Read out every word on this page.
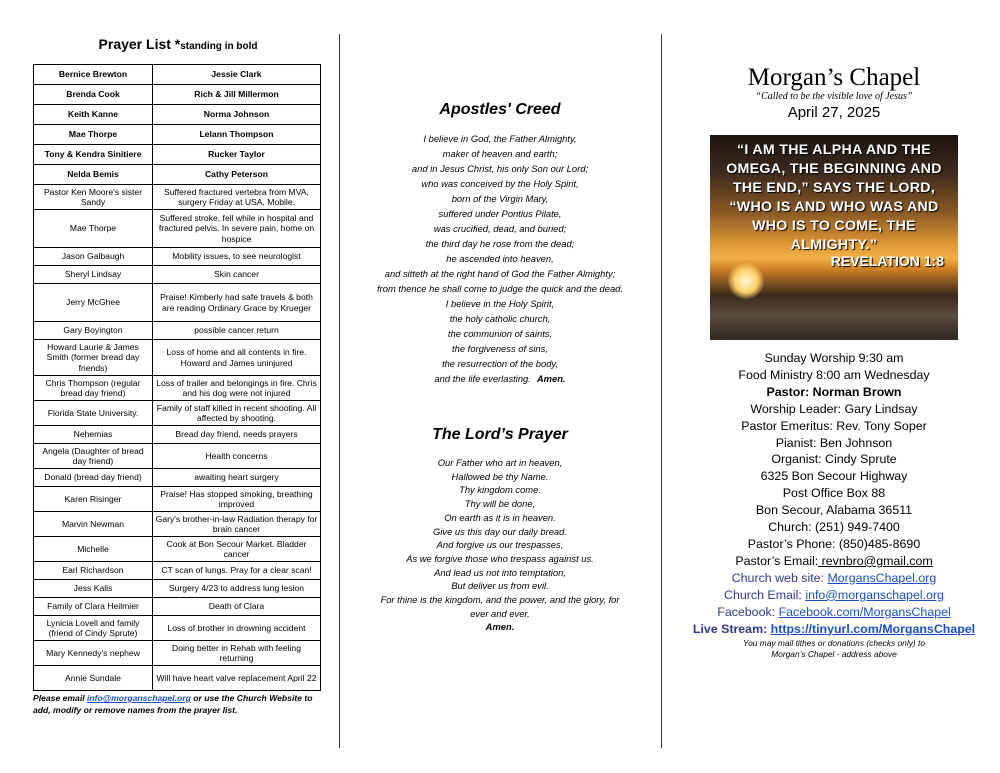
Prayer List *standing in bold
Bernice Brewton	Jessie Clark
Brenda Cook	Rich & Jill Millermon
Keith Kanne	Norma Johnson
Mae Thorpe	Lelann Thompson
Tony & Kendra Sinitiere	Rucker Taylor
Nelda Bemis	Cathy Peterson
Pastor Ken Moore's sister Sandy	Suffered fractured vertebra from MVA, surgery Friday at USA, Mobile.
Mae Thorpe	Suffered stroke, fell while in hospital and fractured pelvis. In severe pain, home on hospice
Jason Galbaugh	Mobility issues, to see neurologist
Sheryl Lindsay	Skin cancer
Jerry McGhee	Praise! Kimberly had safe travels & both are reading Ordinary Grace by Krueger
Gary Boyington	possible cancer return
Howard Laurie & James Smith (former bread day friends)	Loss of home and all contents in fire. Howard and James uninjured
Chris Thompson (regular bread day friend)	Loss of trailer and belongings in fire. Chris and his dog were not injured
Florida State University.	Family of staff killed in recent shooting. All affected by shooting.
Nehemias	Bread day friend, needs prayers
Angela (Daughter of bread day friend)	Health concerns
Donald (bread day friend)	awaiting heart surgery
Karen Risinger	Praise! Has stopped smoking, breathing improved
Marvin Newman	Gary's brother-in-law Radiation therapy for brain cancer
Michelle	Cook at Bon Secour Market. Bladder cancer
Earl Richardson	CT scan of lungs. Pray for a clear scan!
Jess Kalis	Surgery 4/23 to address lung lesion
Family of Clara Heilmier	Death of Clara
Lynicia Lovell and family (friend of Cindy Sprute)	Loss of brother in drowning accident
Mary Kennedy's nephew	Doing better in Rehab with feeling returning
Annie Sundale	Will have heart valve replacement April 22
Please email info@morganschapel.org or use the Church Website to add, modify or remove names from the prayer list.
Apostles' Creed
I believe in God, the Father Almighty,
maker of heaven and earth;
and in Jesus Christ, his only Son our Lord;
who was conceived by the Holy Spirit,
born of the Virgin Mary,
suffered under Pontius Pilate,
was crucified, dead, and buried;
the third day he rose from the dead;
he ascended into heaven,
and sitteth at the right hand of God the Father Almighty;
from thence he shall come to judge the quick and the dead.
I believe in the Holy Spirit,
the holy catholic church,
the communion of saints,
the forgiveness of sins,
the resurrection of the body,
and the life everlasting. Amen.
The Lord’s Prayer
Our Father who art in heaven,
Hallowed be thy Name.
Thy kingdom come.
Thy will be done,
On earth as it is in heaven.
Give us this day our daily bread.
And forgive us our trespasses,
As we forgive those who trespass against us.
And lead us not into temptation,
But deliver us from evil.
For thine is the kingdom, and the power, and the glory, for
ever and ever.
Amen.
Morgan’s Chapel
“Called to be the visible love of Jesus”
April 27, 2025
“I AM THE ALPHA AND THE OMEGA, THE BEGINNING AND THE END,” SAYS THE LORD, “WHO IS AND WHO WAS AND WHO IS TO COME, THE ALMIGHTY.”
REVELATION 1:8
Sunday Worship 9:30 am
Food Ministry 8:00 am Wednesday
Pastor: Norman Brown
Worship Leader: Gary Lindsay
Pastor Emeritus: Rev. Tony Soper
Pianist: Ben Johnson
Organist: Cindy Sprute
6325 Bon Secour Highway
Post Office Box 88
Bon Secour, Alabama 36511
Church: (251) 949-7400
Pastor’s Phone: (850)485-8690
Pastor’s Email: revnbro@gmail.com
Church web site: MorgansChapel.org
Church Email: info@morganschapel.org
Facebook: Facebook.com/MorgansChapel
Live Stream: https://tinyurl.com/MorgansChapel
You may mail tithes or donations (checks only) to
Morgan’s Chapel - address above
